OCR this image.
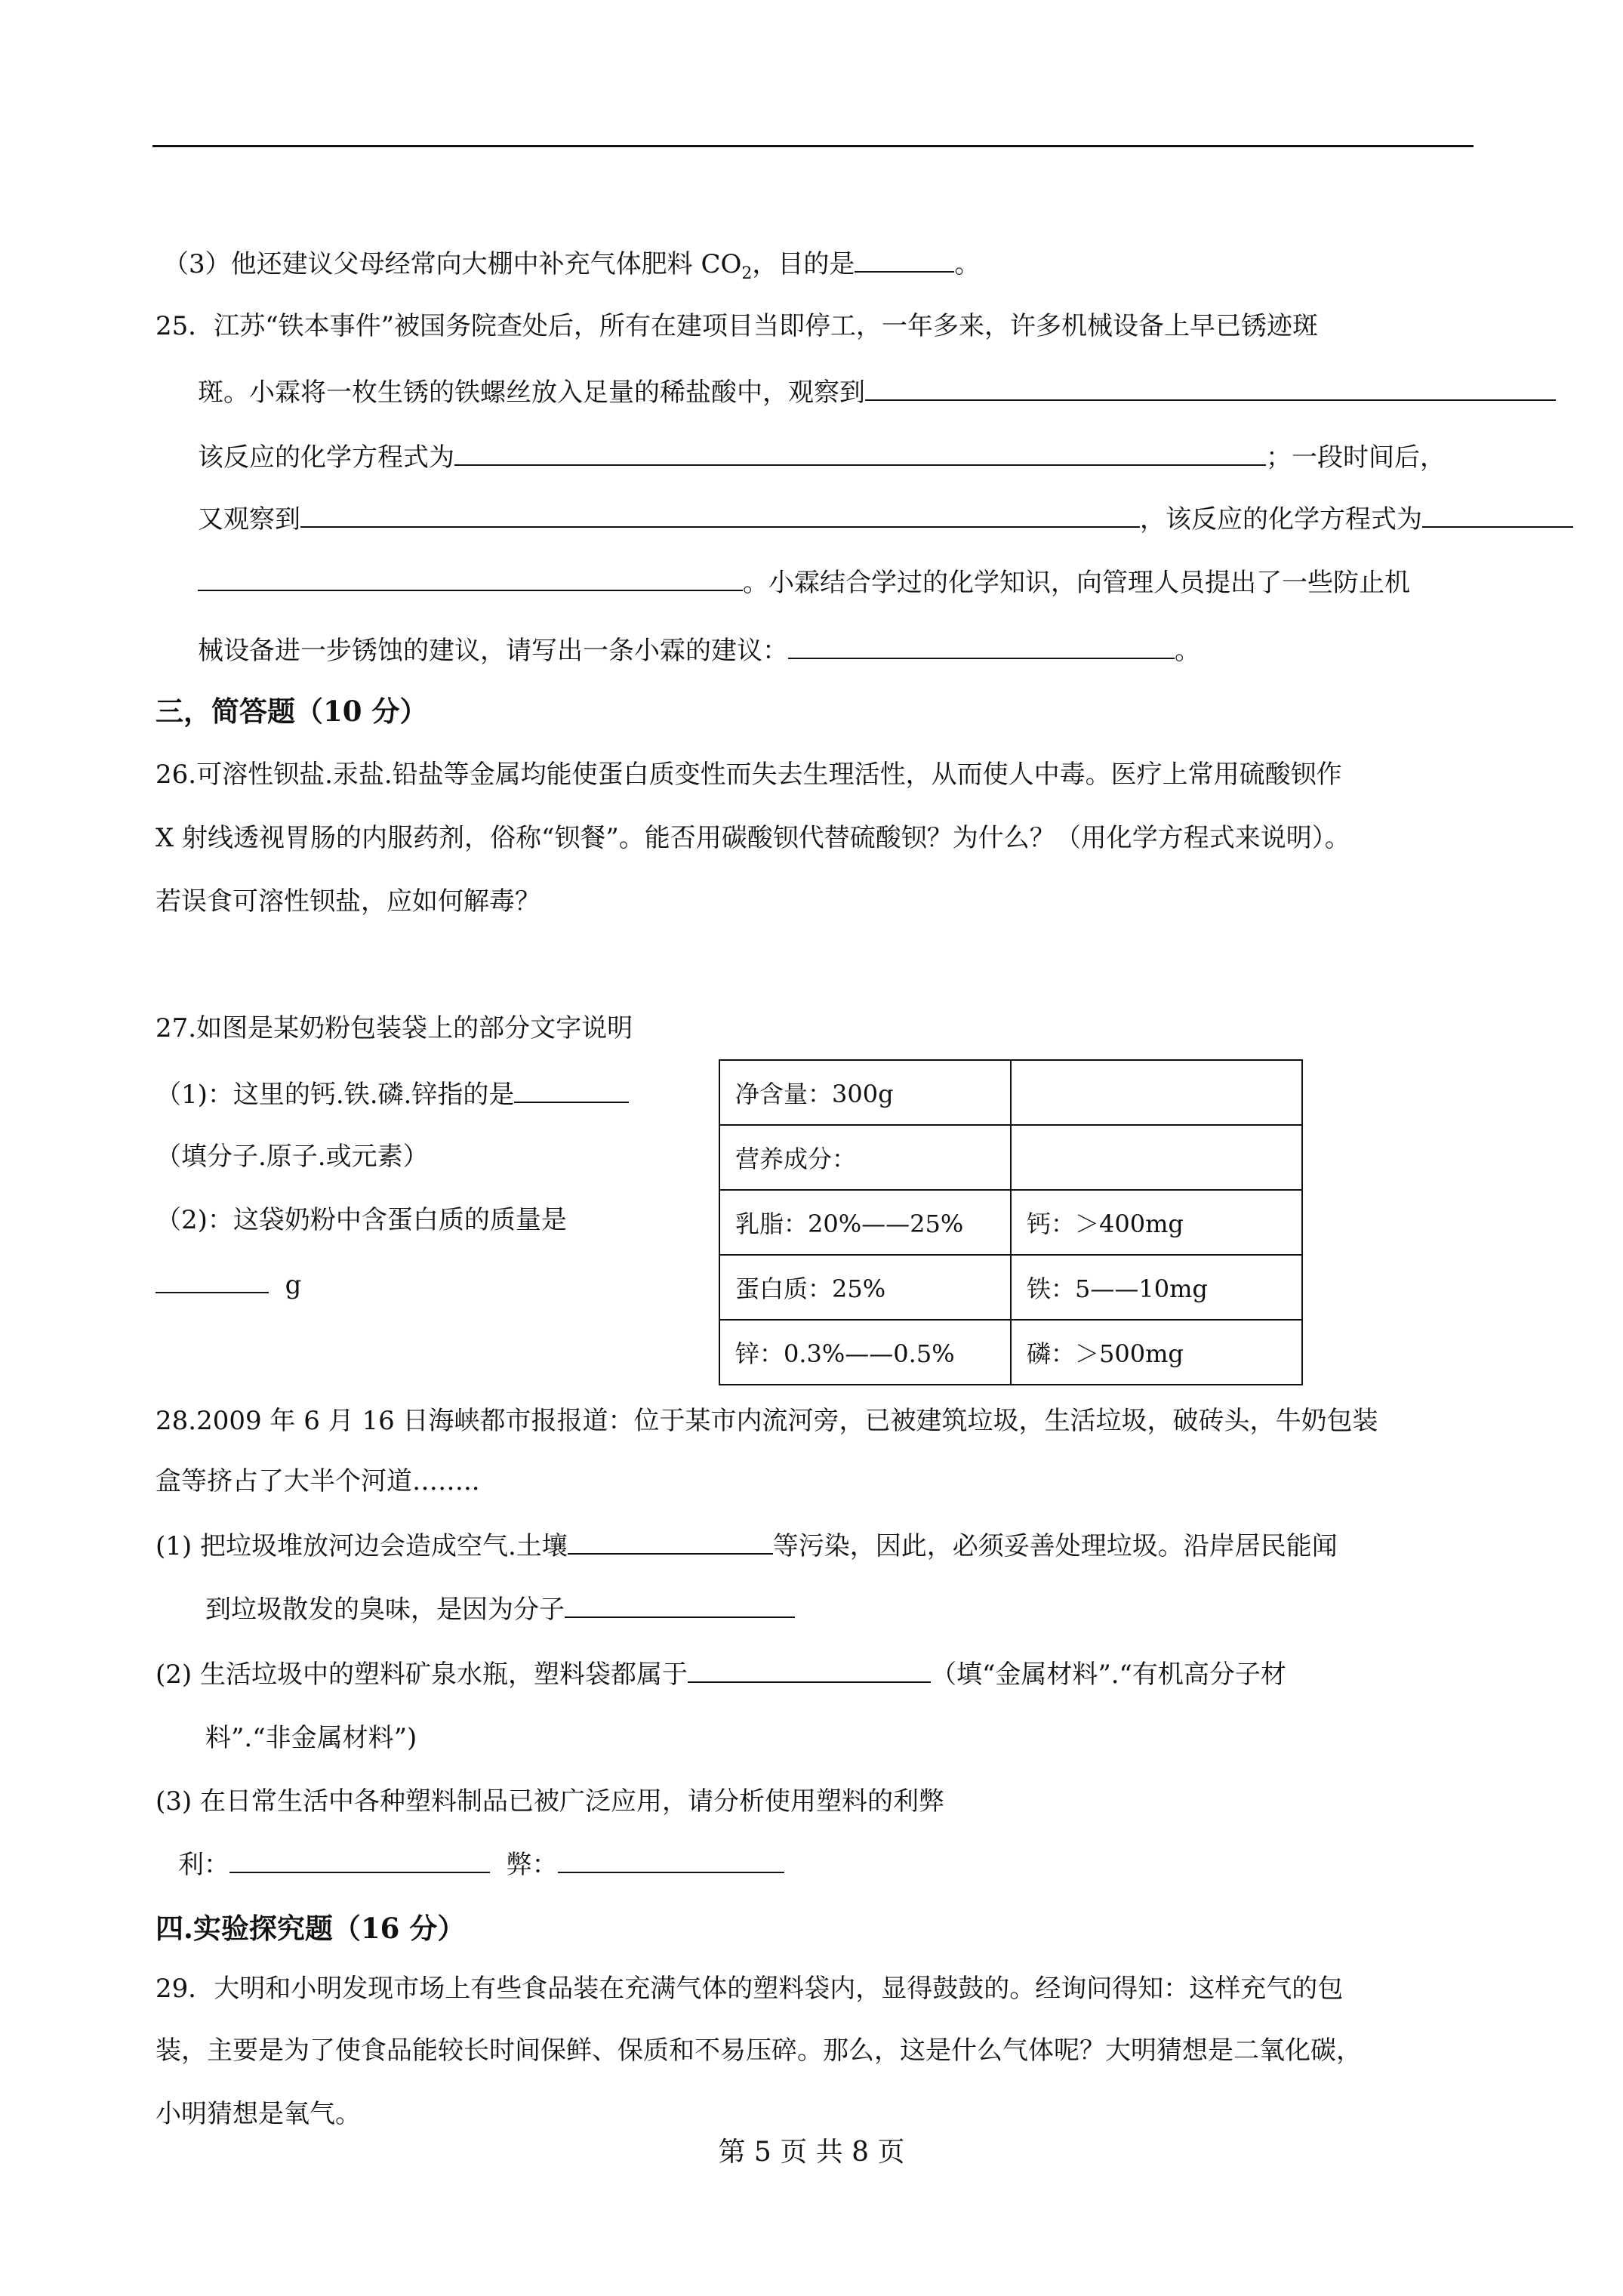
（3）他还建议父母经常向大棚中补充气体肥料 $CO_2$，目的是	。
25．江苏“铁本事件”被国务院查处后，所有在建项目当即停工，一年多来，许多机械设备上早已锈迹斑
斑。小霖将一枚生锈的铁螺丝放入足量的稀盐酸中，观察到
该反应的化学方程式为	；一段时间后，
又观察到	，该反应的化学方程式为
。小霖结合学过的化学知识，向管理人员提出了一些防止机
械设备进一步锈蚀的建议，请写出一条小霖的建议：	。
三，简答题（10 分）
26.可溶性钡盐.汞盐.铅盐等金属均能使蛋白质变性而失去生理活性，从而使人中毒。医疗上常用硫酸钡作
X 射线透视胃肠的内服药剂，俗称“钡餐”。能否用碳酸钡代替硫酸钡？为什么？（用化学方程式来说明）。
若误食可溶性钡盐，应如何解毒？
27.如图是某奶粉包装袋上的部分文字说明
（1)：这里的钙.铁.磷.锌指的是
（填分子.原子.或元素）
（2)：这袋奶粉中含蛋白质的质量是
g
净含量：300g	
营养成分：	
乳脂：20%——25%	钙：＞400mg
蛋白质：25%	铁：5——10mg
锌：0.3%——0.5%	磷：＞500mg
28.2009 年 6 月 16 日海峡都市报报道：位于某市内流河旁，已被建筑垃圾，生活垃圾，破砖头，牛奶包装
盒等挤占了大半个河道……..
(1) 把垃圾堆放河边会造成空气.土壤	等污染，因此，必须妥善处理垃圾。沿岸居民能闻
到垃圾散发的臭味，是因为分子
(2) 生活垃圾中的塑料矿泉水瓶，塑料袋都属于	（填“金属材料”.“有机高分子材
料”.“非金属材料”)
(3) 在日常生活中各种塑料制品已被广泛应用，请分析使用塑料的利弊
利：	弊：
四.实验探究题（16 分）
29．大明和小明发现市场上有些食品装在充满气体的塑料袋内，显得鼓鼓的。经询问得知：这样充气的包
装，主要是为了使食品能较长时间保鲜、保质和不易压碎。那么，这是什么气体呢？大明猜想是二氧化碳，
小明猜想是氧气。
第 5 页 共 8 页
